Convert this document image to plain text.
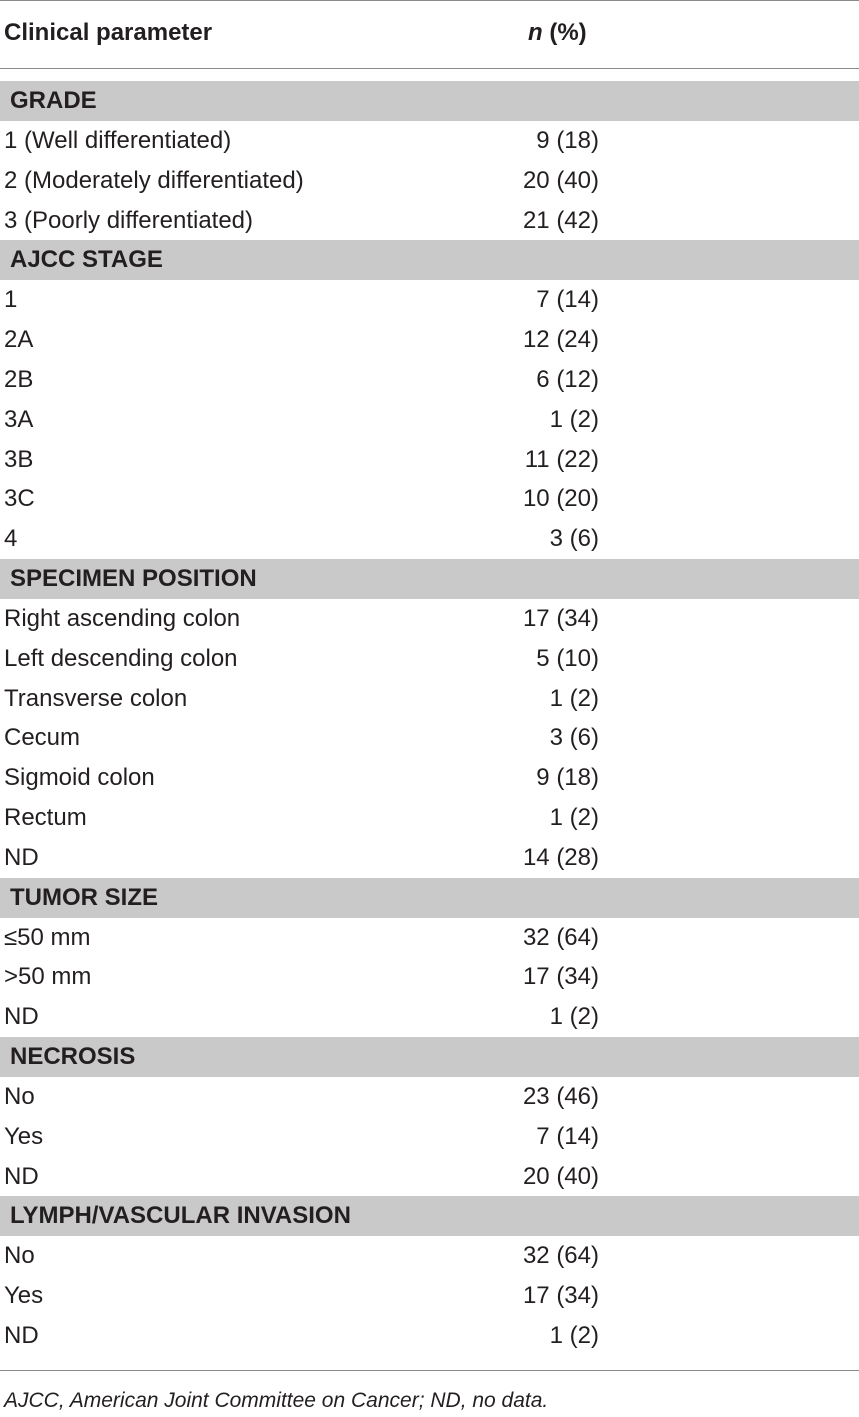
Clinical parameter	n (%)
GRADE
1 (Well differentiated)	9 (18)
2 (Moderately differentiated)	20 (40)
3 (Poorly differentiated)	21 (42)
AJCC STAGE
1	7 (14)
2A	12 (24)
2B	6 (12)
3A	1 (2)
3B	11 (22)
3C	10 (20)
4	3 (6)
SPECIMEN POSITION
Right ascending colon	17 (34)
Left descending colon	5 (10)
Transverse colon	1 (2)
Cecum	3 (6)
Sigmoid colon	9 (18)
Rectum	1 (2)
ND	14 (28)
TUMOR SIZE
≤50 mm	32 (64)
>50 mm	17 (34)
ND	1 (2)
NECROSIS
No	23 (46)
Yes	7 (14)
ND	20 (40)
LYMPH/VASCULAR INVASION
No	32 (64)
Yes	17 (34)
ND	1 (2)
AJCC, American Joint Committee on Cancer; ND, no data.
